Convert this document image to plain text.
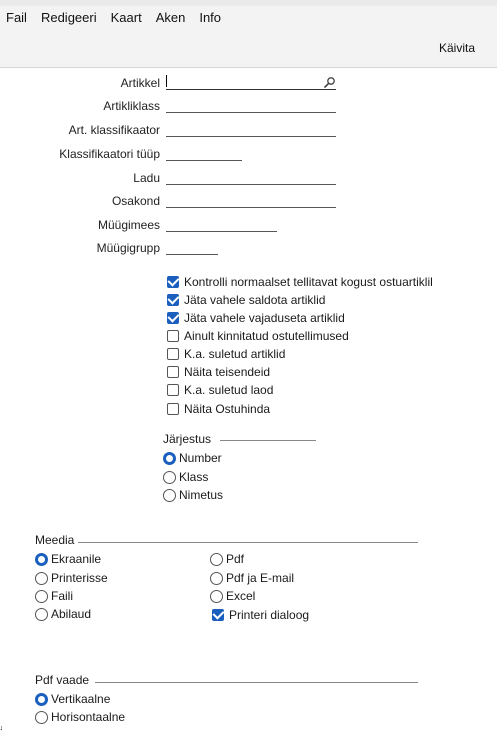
Fail Redigeeri Kaart Aken Info
Käivita
Artikkel
Artikliklass
Art. klassifikaator
Klassifikaatori tüüp
Ladu
Osakond
Müügimees
Müügigrupp
Kontrolli normaalset tellitavat kogust ostuartiklil
Jäta vahele saldota artiklid
Jäta vahele vajaduseta artiklid
Ainult kinnitatud ostutellimused
K.a. suletud artiklid
Näita teisendeid
K.a. suletud laod
Näita Ostuhinda
Järjestus
Number
Klass
Nimetus
Meedia
Ekraanile
Printerisse
Faili
Abilaud
Pdf
Pdf ja E-mail
Excel
Printeri dialoog
Pdf vaade
Vertikaalne
Horisontaalne
⹌
